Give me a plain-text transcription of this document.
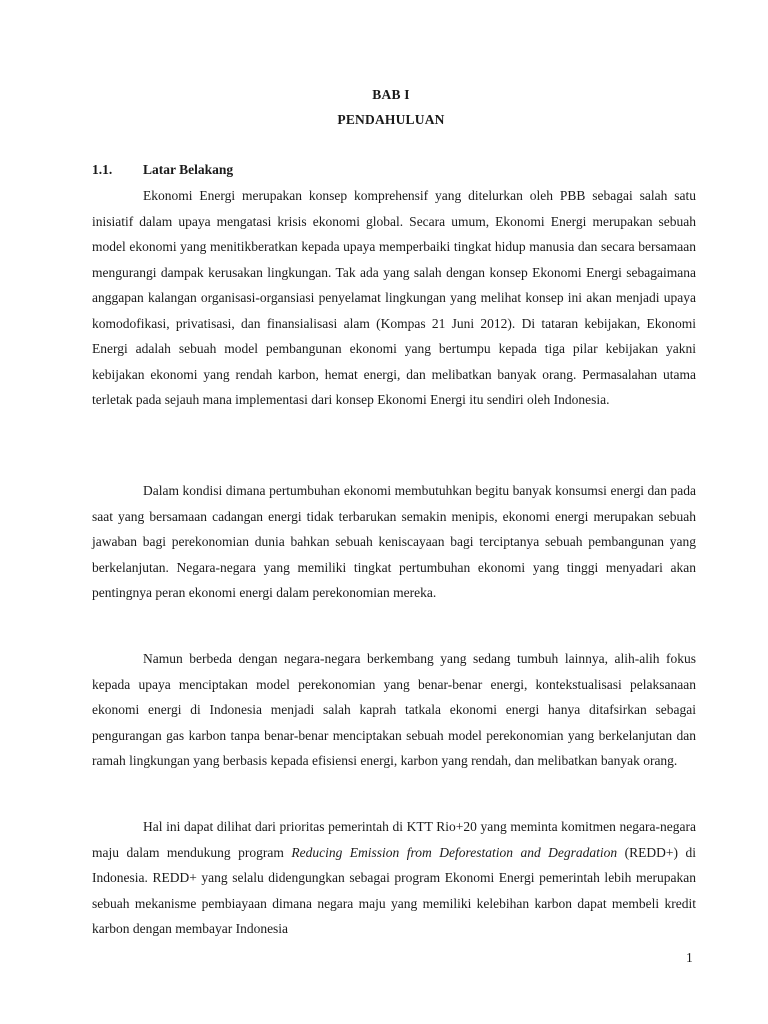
BAB I
PENDAHULUAN
1.1. Latar Belakang

Ekonomi Energi merupakan konsep komprehensif yang ditelurkan oleh PBB sebagai salah satu inisiatif dalam upaya mengatasi krisis ekonomi global. Secara umum, Ekonomi Energi merupakan sebuah model ekonomi yang menitikberatkan kepada upaya memperbaiki tingkat hidup manusia dan secara bersamaan mengurangi dampak kerusakan lingkungan. Tak ada yang salah dengan konsep Ekonomi Energi sebagaimana anggapan kalangan organisasi-organsiasi penyelamat lingkungan yang melihat konsep ini akan menjadi upaya komodofikasi, privatisasi, dan finansialisasi alam (Kompas 21 Juni 2012). Di tataran kebijakan, Ekonomi Energi adalah sebuah model pembangunan ekonomi yang bertumpu kepada tiga pilar kebijakan yakni kebijakan ekonomi yang rendah karbon, hemat energi, dan melibatkan banyak orang. Permasalahan utama terletak pada sejauh mana implementasi dari konsep Ekonomi Energi itu sendiri oleh Indonesia.

Dalam kondisi dimana pertumbuhan ekonomi membutuhkan begitu banyak konsumsi energi dan pada saat yang bersamaan cadangan energi tidak terbarukan semakin menipis, ekonomi energi merupakan sebuah jawaban bagi perekonomian dunia bahkan sebuah keniscayaan bagi terciptanya sebuah pembangunan yang berkelanjutan. Negara-negara yang memiliki tingkat pertumbuhan ekonomi yang tinggi menyadari akan pentingnya peran ekonomi energi dalam perekonomian mereka.

Namun berbeda dengan negara-negara berkembang yang sedang tumbuh lainnya, alih-alih fokus kepada upaya menciptakan model perekonomian yang benar-benar energi, kontekstualisasi pelaksanaan ekonomi energi di Indonesia menjadi salah kaprah tatkala ekonomi energi hanya ditafsirkan sebagai pengurangan gas karbon tanpa benar-benar menciptakan sebuah model perekonomian yang berkelanjutan dan ramah lingkungan yang berbasis kepada efisiensi energi, karbon yang rendah, dan melibatkan banyak orang.

Hal ini dapat dilihat dari prioritas pemerintah di KTT Rio+20 yang meminta komitmen negara-negara maju dalam mendukung program Reducing Emission from Deforestation and Degradation (REDD+) di Indonesia. REDD+ yang selalu didengungkan sebagai program Ekonomi Energi pemerintah lebih merupakan sebuah mekanisme pembiayaan dimana negara maju yang memiliki kelebihan karbon dapat membeli kredit karbon dengan membayar Indonesia

1
